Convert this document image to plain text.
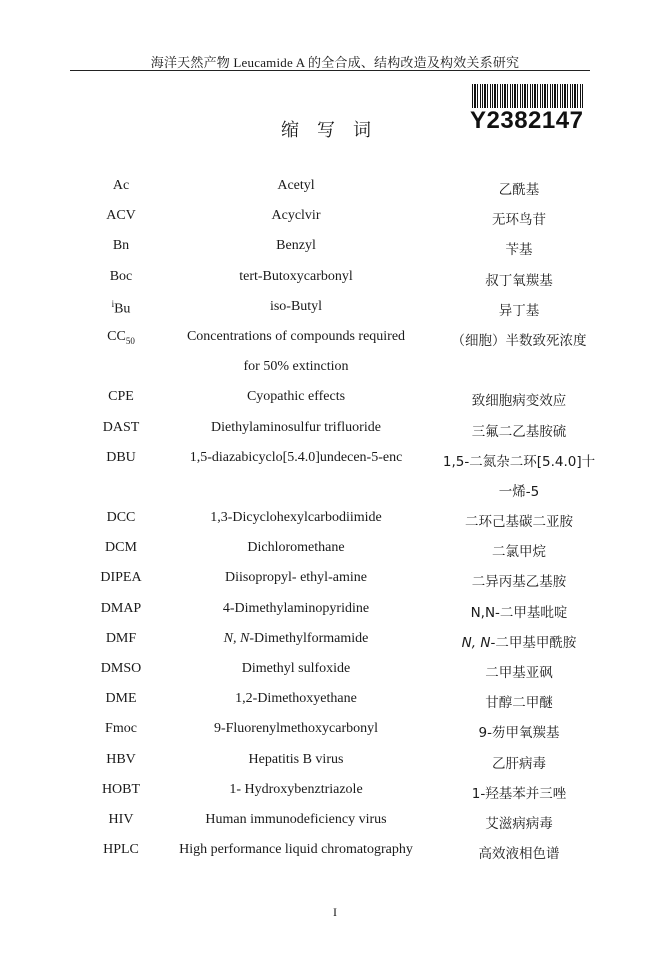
海洋天然产物 Leucamide A 的全合成、结构改造及构效关系研究
Y2382147
缩写词
Ac	Acetyl	乙酰基
ACV	Acyclvir	无环鸟苷
Bn	Benzyl	苄基
Boc	tert-Butoxycarbonyl	叔丁氧羰基
$^i$Bu	iso-Butyl	异丁基
$CC_{50}$	Concentrations of compounds required	（细胞）半数致死浓度
for 50% extinction
CPE	Cyopathic effects	致细胞病变效应
DAST	Diethylaminosulfur trifluoride	三氟二乙基胺硫
DBU	1,5-diazabicyclo[5.4.0]undecen-5-enc	1,5-二氮杂二环[5.4.0]十
一烯-5
DCC	1,3-Dicyclohexylcarbodiimide	二环己基碳二亚胺
DCM	Dichloromethane	二氯甲烷
DIPEA	Diisopropyl- ethyl-amine	二异丙基乙基胺
DMAP	4-Dimethylaminopyridine	N,N-二甲基吡啶
DMF	N, N-Dimethylformamide	N, N-二甲基甲酰胺
DMSO	Dimethyl sulfoxide	二甲基亚砜
DME	1,2-Dimethoxyethane	甘醇二甲醚
Fmoc	9-Fluorenylmethoxycarbonyl	9-芴甲氧羰基
HBV	Hepatitis B virus	乙肝病毒
HOBT	1- Hydroxybenztriazole	1-羟基苯并三唑
HIV	Human immunodeficiency virus	艾滋病病毒
HPLC	High performance liquid chromatography	高效液相色谱
I
